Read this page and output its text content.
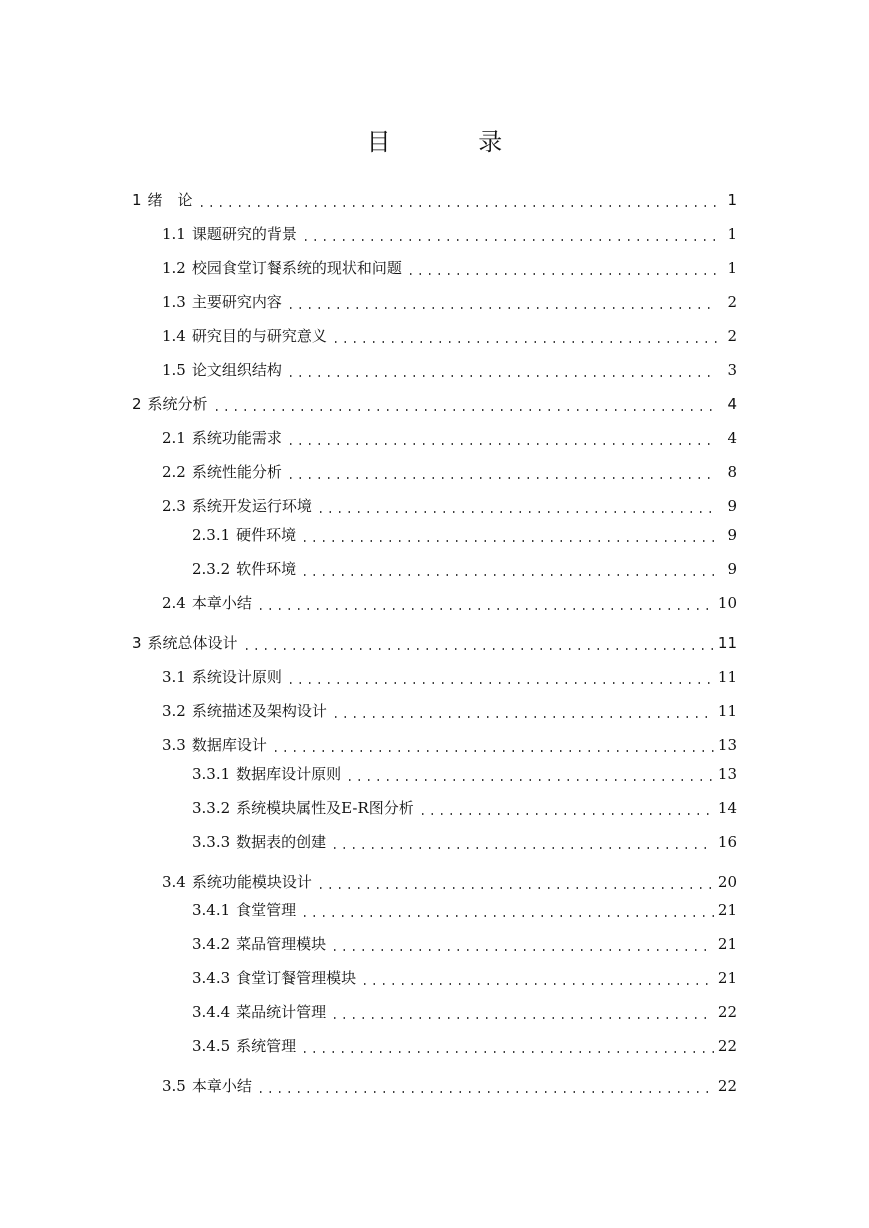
目 录
1 绪　论	1
1.1 课题研究的背景	1
1.2 校园食堂订餐系统的现状和问题	1
1.3 主要研究内容	2
1.4 研究目的与研究意义	2
1.5 论文组织结构	3
2 系统分析	4
2.1 系统功能需求	4
2.2 系统性能分析	8
2.3 系统开发运行环境	9
2.3.1 硬件环境	9
2.3.2 软件环境	9
2.4 本章小结	10
3 系统总体设计	11
3.1 系统设计原则	11
3.2 系统描述及架构设计	11
3.3 数据库设计	13
3.3.1 数据库设计原则	13
3.3.2 系统模块属性及E-R图分析	14
3.3.3 数据表的创建	16
3.4 系统功能模块设计	20
3.4.1 食堂管理	21
3.4.2 菜品管理模块	21
3.4.3 食堂订餐管理模块	21
3.4.4 菜品统计管理	22
3.4.5 系统管理	22
3.5 本章小结	22
